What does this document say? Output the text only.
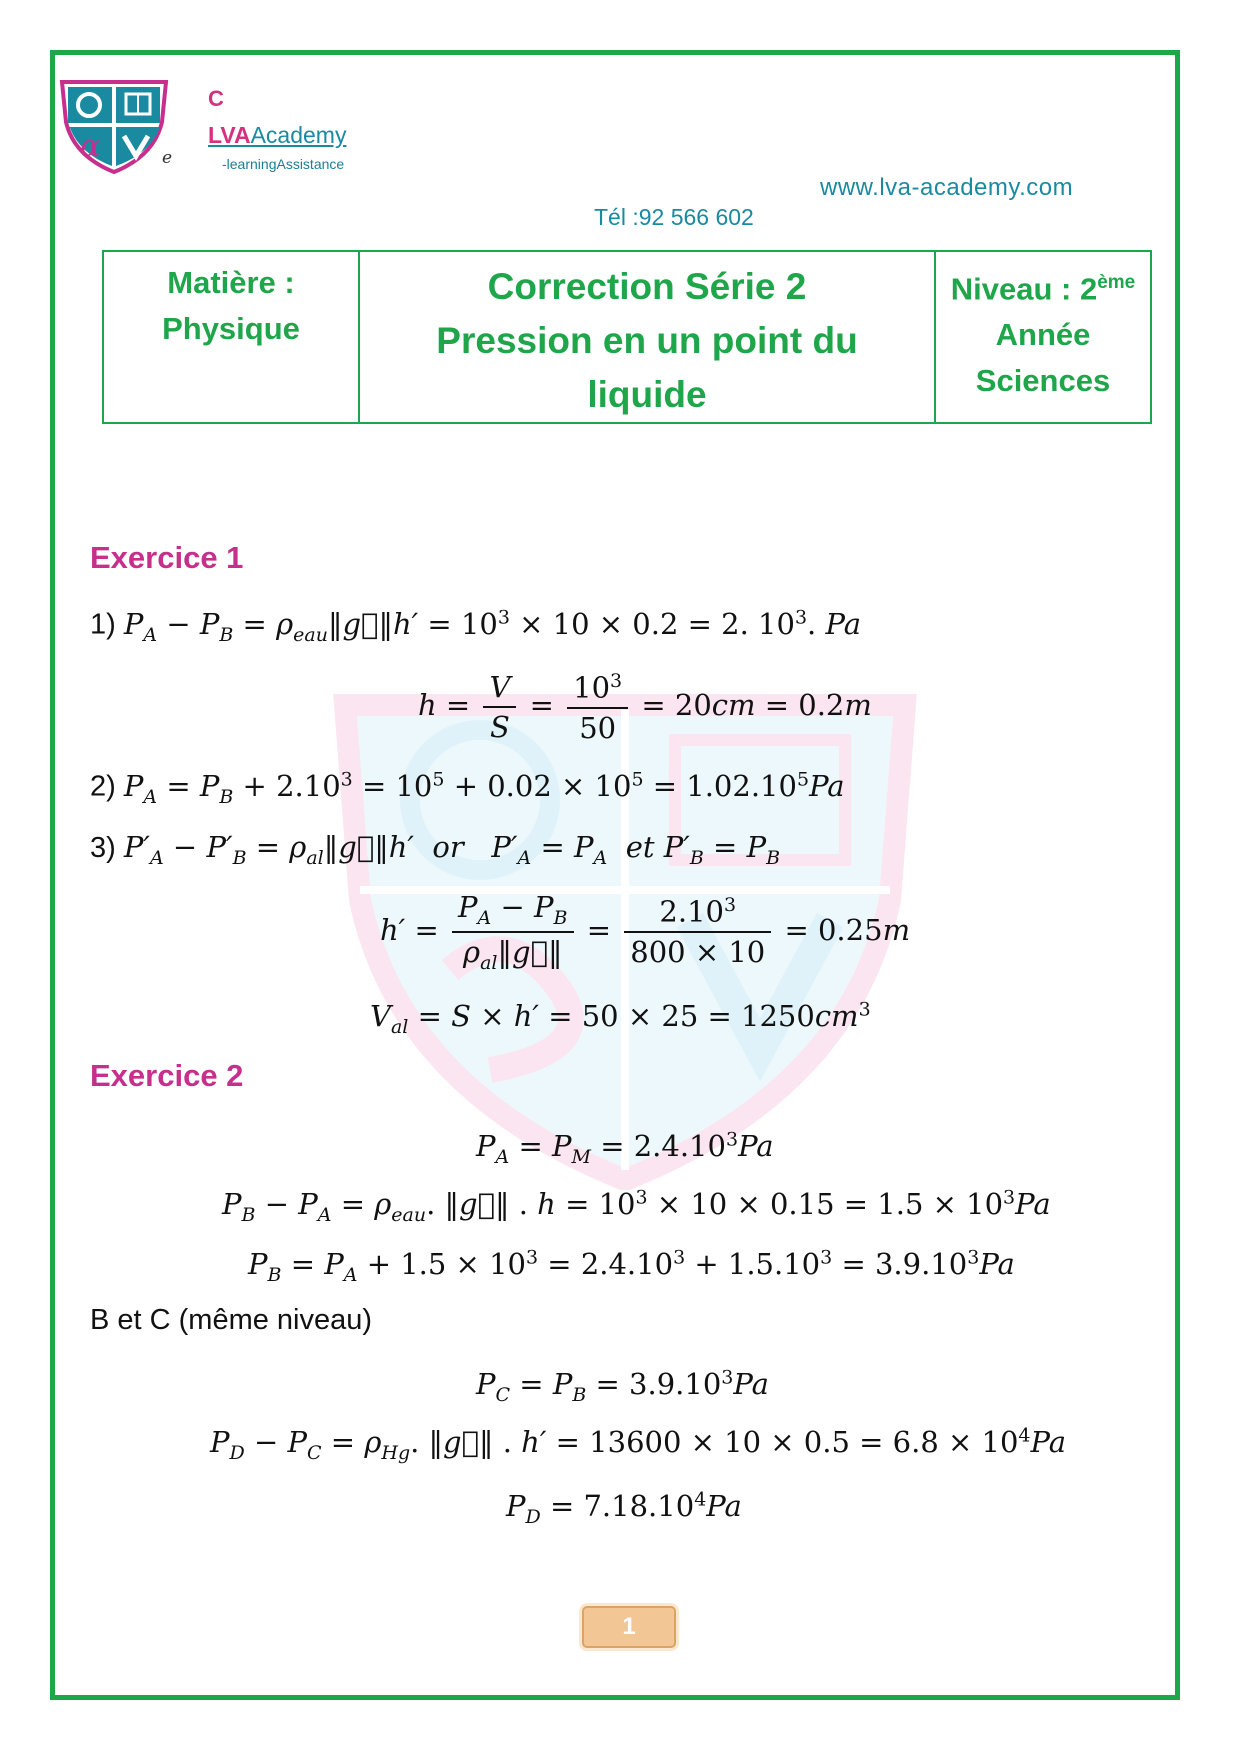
α	e
C
LVAAcademy
-learningAssistance
www.lva-academy.com
Tél :92 566 602
Matière :
Physique

Correction Série 2
Pression en un point du
liquide

Niveau : 2ème
Année
Sciences
Exercice 1
1) $P_A - P_B$ = $\rho_{eau}‖g⃗‖h' = 10^3 \times 10 \times 0.2 = 2$. $10^3$. Pa
$h = \frac{V}{S} = \frac{10^3}{50} = 20cm = 0.2m$
2) $P_A = P_B + 2.10^3 = 10^5 + 0.02 \times 10^5 = 1.02.10^5Pa$
3) $P'_A - P'_B$ = $\rho_{al}‖g⃗‖h'$ or $P'_A = P_A$ et $P'_B = P_B$
$h' = \frac{P_A - P_B}{\rho_{al}‖g⃗‖} = \frac{2.10^3}{800 \times 10} = 0.25m$
$V_{al} = S \times h' = 50 \times 25 = 1250cm^3$
Exercice 2
$P_A = P_M = 2.4.10^3Pa$
$P_B - P_A = \rho_{eau}$. ‖g⃗‖ . $h = 10^3 \times 10 \times 0.15 = 1.5 \times 10^3Pa$
$P_B = P_A + 1.5 \times 10^3 = 2.4.10^3 + 1.5.10^3 = 3.9.10^3Pa$
B et C (même niveau)
$P_C = P_B = 3.9.10^3Pa$
$P_D - P_C = \rho_{Hg}$. ‖g⃗‖ . $h' = 13600 \times 10 \times 0.5 = 6.8 \times 10^4Pa$
$P_D = 7.18.10^4Pa$
1
